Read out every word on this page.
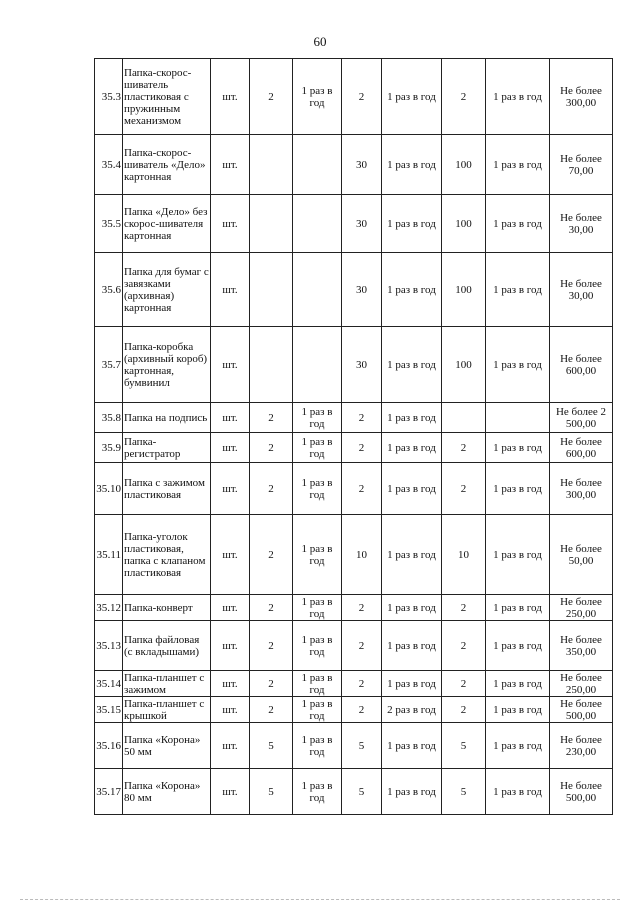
60
35.3	Папка-скорос-шиватель пластиковая с пружинным механизмом	шт.	2	1 раз в год	2	1 раз в год	2	1 раз в год	Не более 300,00
35.4	Папка-скорос-шиватель «Дело» картонная	шт.			30	1 раз в год	100	1 раз в год	Не более 70,00
35.5	Папка «Дело» без скорос-шивателя картонная	шт.			30	1 раз в год	100	1 раз в год	Не более 30,00
35.6	Папка для бумаг с завязками (архивная) картонная	шт.			30	1 раз в год	100	1 раз в год	Не более 30,00
35.7	Папка-коробка (архивный короб) картонная, бумвинил	шт.			30	1 раз в год	100	1 раз в год	Не более 600,00
35.8	Папка на подпись	шт.	2	1 раз в год	2	1 раз в год			Не более 2 500,00
35.9	Папка-регистратор	шт.	2	1 раз в год	2	1 раз в год	2	1 раз в год	Не более 600,00
35.10	Папка с зажимом пластиковая	шт.	2	1 раз в год	2	1 раз в год	2	1 раз в год	Не более 300,00
35.11	Папка-уголок пластиковая, папка с клапаном пластиковая	шт.	2	1 раз в год	10	1 раз в год	10	1 раз в год	Не более 50,00
35.12	Папка-конверт	шт.	2	1 раз в год	2	1 раз в год	2	1 раз в год	Не более 250,00
35.13	Папка файловая (с вкладышами)	шт.	2	1 раз в год	2	1 раз в год	2	1 раз в год	Не более 350,00
35.14	Папка-планшет с зажимом	шт.	2	1 раз в год	2	1 раз в год	2	1 раз в год	Не более 250,00
35.15	Папка-планшет с крышкой	шт.	2	1 раз в год	2	2 раз в год	2	1 раз в год	Не более 500,00
35.16	Папка «Корона» 50 мм	шт.	5	1 раз в год	5	1 раз в год	5	1 раз в год	Не более 230,00
35.17	Папка «Корона» 80 мм	шт.	5	1 раз в год	5	1 раз в год	5	1 раз в год	Не более 500,00
